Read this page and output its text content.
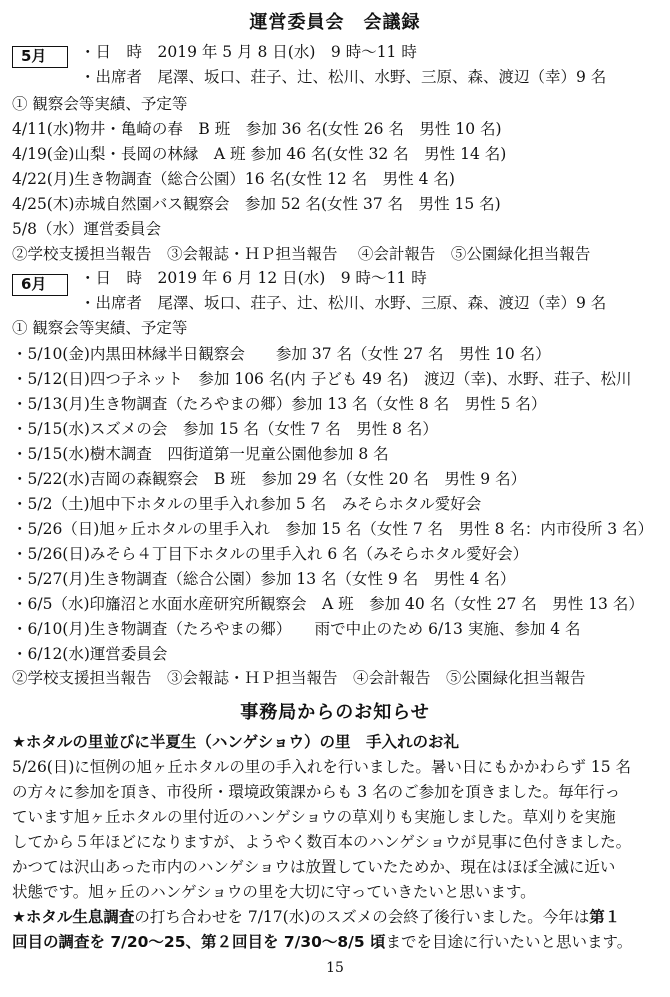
運営委員会　会議録
5月	・日　時　2019 年 5 月 8 日(水)　9 時～11 時
・出席者　尾澤、坂口、荘子、辻、松川、水野、三原、森、渡辺（幸）9 名
① 観察会等実績、予定等
4/11(水)物井・亀崎の春　B 班　参加 36 名(女性 26 名　男性 10 名)
4/19(金)山梨・長岡の林縁　A 班 参加 46 名(女性 32 名　男性 14 名)
4/22(月)生き物調査（総合公園）16 名(女性 12 名　男性 4 名)
4/25(木)赤城自然園バス観察会　参加 52 名(女性 37 名　男性 15 名)
5/8（水）運営委員会
②学校支援担当報告　③会報誌・ＨＰ担当報告　 ④会計報告　⑤公園緑化担当報告
6月	・日　時　2019 年 6 月 12 日(水)　9 時～11 時
・出席者　尾澤、坂口、荘子、辻、松川、水野、三原、森、渡辺（幸）9 名
① 観察会等実績、予定等
・5/10(金)内黒田林縁半日観察会　　参加 37 名（女性 27 名　男性 10 名）
・5/12(日)四つ子ネット　参加 106 名(内 子ども 49 名)　渡辺（幸)、水野、荘子、松川
・5/13(月)生き物調査（たろやまの郷）参加 13 名（女性 8 名　男性 5 名）
・5/15(水)スズメの会　参加 15 名（女性 7 名　男性 8 名）
・5/15(水)樹木調査　四街道第一児童公園他参加 8 名
・5/22(水)吉岡の森観察会　B 班　参加 29 名（女性 20 名　男性 9 名）
・5/2（土)旭中下ホタルの里手入れ参加 5 名　みそらホタル愛好会
・5/26（日)旭ヶ丘ホタルの里手入れ　参加 15 名（女性 7 名　男性 8 名：内市役所 3 名）
・5/26(日)みそら４丁目下ホタルの里手入れ 6 名（みそらホタル愛好会）
・5/27(月)生き物調査（総合公園）参加 13 名（女性 9 名　男性 4 名）
・6/5（水)印旛沼と水面水産研究所観察会　A 班　参加 40 名（女性 27 名　男性 13 名）
・6/10(月)生き物調査（たろやまの郷）　　雨で中止のため 6/13 実施、参加 4 名
・6/12(水)運営委員会
②学校支援担当報告　③会報誌・ＨＰ担当報告　④会計報告　⑤公園緑化担当報告
事務局からのお知らせ
★ホタルの里並びに半夏生（ハンゲショウ）の里　手入れのお礼
5/26(日)に恒例の旭ヶ丘ホタルの里の手入れを行いました。暑い日にもかかわらず 15 名
の方々に参加を頂き、市役所・環境政策課からも 3 名のご参加を頂きました。毎年行っ
ています旭ヶ丘ホタルの里付近のハンゲショウの草刈りも実施しました。草刈りを実施
してから５年ほどになりますが、ようやく数百本のハンゲショウが見事に色付きました。
かつては沢山あった市内のハンゲショウは放置していたためか、現在はほぼ全滅に近い
状態です。旭ヶ丘のハンゲショウの里を大切に守っていきたいと思います。
★ホタル生息調査の打ち合わせを 7/17(水)のスズメの会終了後行いました。今年は第１
回目の調査を 7/20～25、第２回目を 7/30～8/5 頃までを目途に行いたいと思います。
15
